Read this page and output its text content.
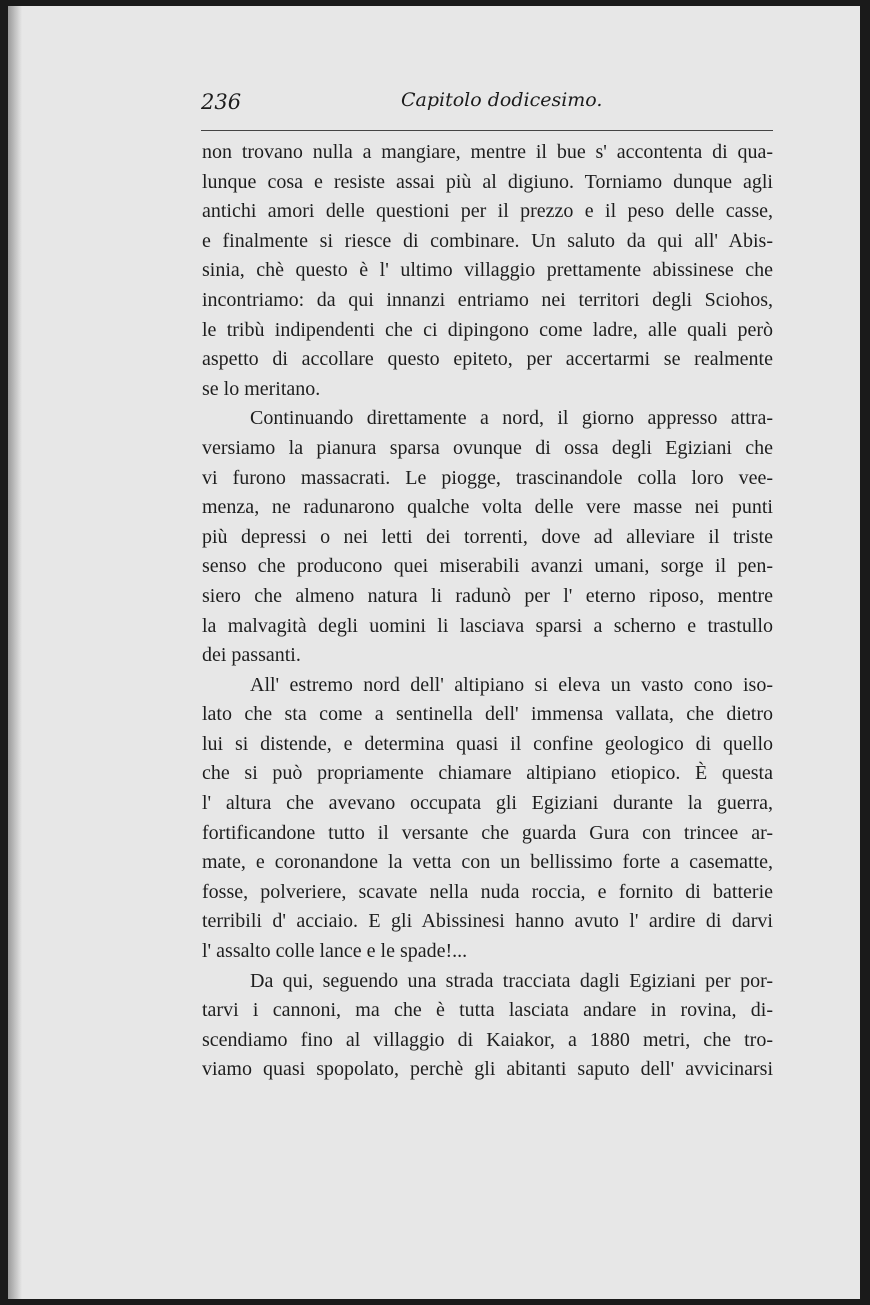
236	Capitolo dodicesimo.
non trovano nulla a mangiare, mentre il bue s' accontenta di qua-
lunque cosa e resiste assai più al digiuno. Torniamo dunque agli
antichi amori delle questioni per il prezzo e il peso delle casse,
e finalmente si riesce di combinare. Un saluto da qui all' Abis-
sinia, chè questo è l' ultimo villaggio prettamente abissinese che
incontriamo: da qui innanzi entriamo nei territori degli Sciohos,
le tribù indipendenti che ci dipingono come ladre, alle quali però
aspetto di accollare questo epiteto, per accertarmi se realmente
se lo meritano.
Continuando direttamente a nord, il giorno appresso attra-
versiamo la pianura sparsa ovunque di ossa degli Egiziani che
vi furono massacrati. Le piogge, trascinandole colla loro vee-
menza, ne radunarono qualche volta delle vere masse nei punti
più depressi o nei letti dei torrenti, dove ad alleviare il triste
senso che producono quei miserabili avanzi umani, sorge il pen-
siero che almeno natura li radunò per l' eterno riposo, mentre
la malvagità degli uomini li lasciava sparsi a scherno e trastullo
dei passanti.
All' estremo nord dell' altipiano si eleva un vasto cono iso-
lato che sta come a sentinella dell' immensa vallata, che dietro
lui si distende, e determina quasi il confine geologico di quello
che si può propriamente chiamare altipiano etiopico. È questa
l' altura che avevano occupata gli Egiziani durante la guerra,
fortificandone tutto il versante che guarda Gura con trincee ar-
mate, e coronandone la vetta con un bellissimo forte a casematte,
fosse, polveriere, scavate nella nuda roccia, e fornito di batterie
terribili d' acciaio. E gli Abissinesi hanno avuto l' ardire di darvi
l' assalto colle lance e le spade!...
Da qui, seguendo una strada tracciata dagli Egiziani per por-
tarvi i cannoni, ma che è tutta lasciata andare in rovina, di-
scendiamo fino al villaggio di Kaiakor, a 1880 metri, che tro-
viamo quasi spopolato, perchè gli abitanti saputo dell' avvicinarsi
